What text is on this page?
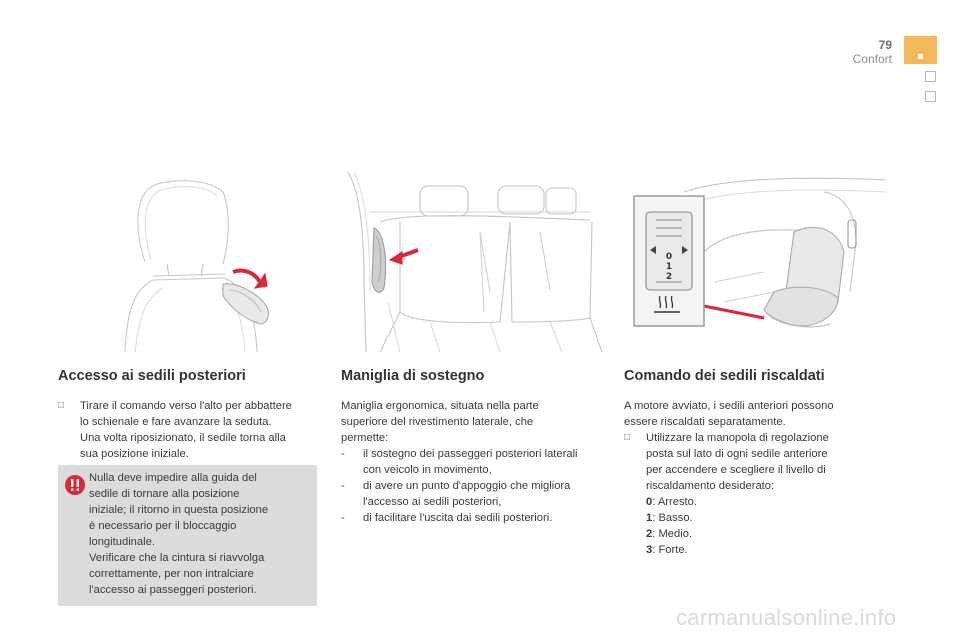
79
Confort
0
1
2
Accesso ai sedili posteriori
□	Tirare il comando verso l'alto per abbattere
lo schienale e fare avanzare la seduta.
Una volta riposizionato, il sedile torna alla
sua posizione iniziale.

Nulla deve impedire alla guida del

sedile di tornare alla posizione

iniziale; il ritorno in questa posizione

è necessario per il bloccaggio

longitudinale.

Verificare che la cintura si riavvolga

correttamente, per non intralciare

l'accesso ai passeggeri posteriori.

Maniglia di sostegno
Maniglia ergonomica, situata nella parte
superiore del rivestimento laterale, che
permette:
-	il sostegno dei passeggeri posteriori laterali
con veicolo in movimento,
-	di avere un punto d'appoggio che migliora
l'accesso ai sedili posteriori,
-	di facilitare l'uscita dai sedili posteriori.
Comando dei sedili riscaldati
A motore avviato, i sedili anteriori possono
essere riscaldati separatamente.
□	Utilizzare la manopola di regolazione
posta sul lato di ogni sedile anteriore
per accendere e scegliere il livello di
riscaldamento desiderato:
0: Arresto.
1: Basso.
2: Medio.
3: Forte.
carmanualsonline.info
